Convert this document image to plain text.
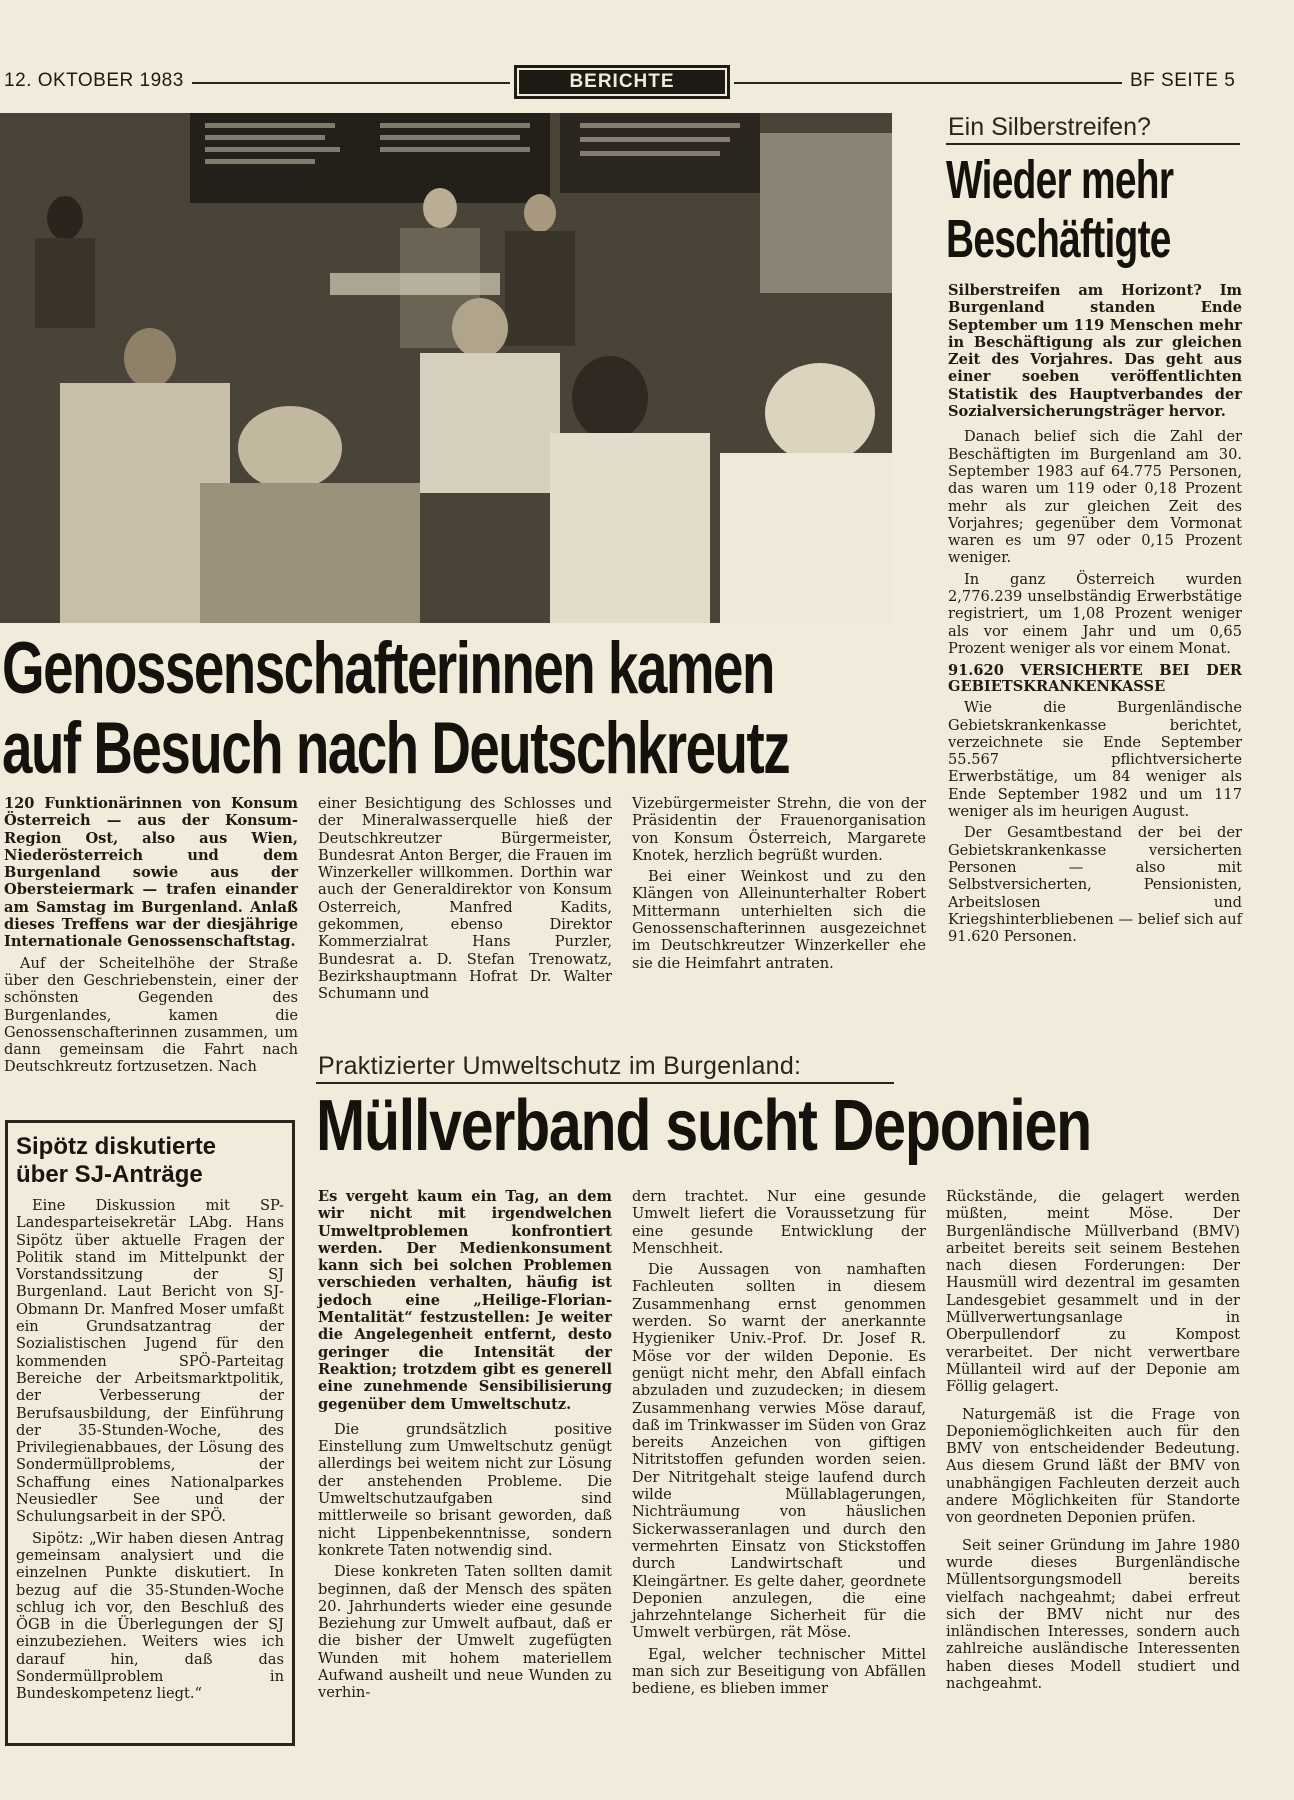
12. OKTOBER 1983	BERICHTE	BF SEITE 5
Genossenschafterinnen kamen
auf Besuch nach Deutschkreutz

120 Funktionärinnen von Konsum Österreich — aus der Konsum-Region Ost, also aus Wien, Niederösterreich und dem Burgenland sowie aus der Obersteiermark — trafen einander am Samstag im Burgenland. Anlaß dieses Treffens war der diesjährige Internationale Genossenschaftstag.

Auf der Scheitelhöhe der Straße über den Geschriebenstein, einer der schönsten Gegenden des Burgenlandes, kamen die Genossenschafterinnen zusammen, um dann gemeinsam die Fahrt nach Deutschkreutz fortzusetzen. Nach

einer Besichtigung des Schlosses und der Mineralwasserquelle hieß der Deutschkreutzer Bürgermeister, Bundesrat Anton Berger, die Frauen im Winzerkeller willkommen. Dorthin war auch der Generaldirektor von Konsum Osterreich, Manfred Kadits, gekommen, ebenso Direktor Kommerzialrat Hans Purzler, Bundesrat a. D. Stefan Trenowatz, Bezirkshauptmann Hofrat Dr. Walter Schumann und

Vizebürgermeister Strehn, die von der Präsidentin der Frauenorganisation von Konsum Österreich, Margarete Knotek, herzlich begrüßt wurden.

Bei einer Weinkost und zu den Klängen von Alleinunterhalter Robert Mittermann unterhielten sich die Genossenschafterinnen ausgezeichnet im Deutschkreutzer Winzerkeller ehe sie die Heimfahrt antraten.

Ein Silberstreifen?
Wieder mehr
Beschäftigte

Silberstreifen am Horizont? Im Burgenland standen Ende September um 119 Menschen mehr in Beschäftigung als zur gleichen Zeit des Vorjahres. Das geht aus einer soeben veröffentlichten Statistik des Hauptverbandes der Sozialversicherungsträger hervor.

Danach belief sich die Zahl der Beschäftigten im Burgenland am 30. September 1983 auf 64.775 Personen, das waren um 119 oder 0,18 Prozent mehr als zur gleichen Zeit des Vorjahres; gegenüber dem Vormonat waren es um 97 oder 0,15 Prozent weniger.

In ganz Österreich wurden 2,776.239 unselbständig Erwerbstätige registriert, um 1,08 Prozent weniger als vor einem Jahr und um 0,65 Prozent weniger als vor einem Monat.

91.620 VERSICHERTE BEI DER GEBIETSKRANKENKASSE

Wie die Burgenländische Gebietskrankenkasse berichtet, verzeichnete sie Ende September 55.567 pflichtversicherte Erwerbstätige, um 84 weniger als Ende September 1982 und um 117 weniger als im heurigen August.

Der Gesamtbestand der bei der Gebietskrankenkasse versicherten Personen — also mit Selbstversicherten, Pensionisten, Arbeitslosen und Kriegshinterbliebenen — belief sich auf 91.620 Personen.

Praktizierter Umweltschutz im Burgenland:
Müllverband sucht Deponien

Es vergeht kaum ein Tag, an dem wir nicht mit irgendwelchen Umweltproblemen konfrontiert werden. Der Medienkonsument kann sich bei solchen Problemen verschieden verhalten, häufig ist jedoch eine „Heilige-Florian-Mentalität“ festzustellen: Je weiter die Angelegenheit entfernt, desto geringer die Intensität der Reaktion; trotzdem gibt es generell eine zunehmende Sensibilisierung gegenüber dem Umweltschutz.

Die grundsätzlich positive Einstellung zum Umweltschutz genügt allerdings bei weitem nicht zur Lösung der anstehenden Probleme. Die Umweltschutzaufgaben sind mittlerweile so brisant geworden, daß nicht Lippenbekenntnisse, sondern konkrete Taten notwendig sind.

Diese konkreten Taten sollten damit beginnen, daß der Mensch des späten 20. Jahrhunderts wieder eine gesunde Beziehung zur Umwelt aufbaut, daß er die bisher der Umwelt zugefügten Wunden mit hohem materiellem Aufwand ausheilt und neue Wunden zu verhin-

dern trachtet. Nur eine gesunde Umwelt liefert die Voraussetzung für eine gesunde Entwicklung der Menschheit.

Die Aussagen von namhaften Fachleuten sollten in diesem Zusammenhang ernst genommen werden. So warnt der anerkannte Hygieniker Univ.-Prof. Dr. Josef R. Möse vor der wilden Deponie. Es genügt nicht mehr, den Abfall einfach abzuladen und zuzudecken; in diesem Zusammenhang verwies Möse darauf, daß im Trinkwasser im Süden von Graz bereits Anzeichen von giftigen Nitritstoffen gefunden worden seien. Der Nitritgehalt steige laufend durch wilde Müllablagerungen, Nichträumung von häuslichen Sickerwasseranlagen und durch den vermehrten Einsatz von Stickstoffen durch Landwirtschaft und Kleingärtner. Es gelte daher, geordnete Deponien anzulegen, die eine jahrzehntelange Sicherheit für die Umwelt verbürgen, rät Möse.

Egal, welcher technischer Mittel man sich zur Beseitigung von Abfällen bediene, es blieben immer

Rückstände, die gelagert werden müßten, meint Möse. Der Burgenländische Müllverband (BMV) arbeitet bereits seit seinem Bestehen nach diesen Forderungen: Der Hausmüll wird dezentral im gesamten Landesgebiet gesammelt und in der Müllverwertungsanlage in Oberpullendorf zu Kompost verarbeitet. Der nicht verwertbare Müllanteil wird auf der Deponie am Föllig gelagert.

Naturgemäß ist die Frage von Deponiemöglichkeiten auch für den BMV von entscheidender Bedeutung. Aus diesem Grund läßt der BMV von unabhängigen Fachleuten derzeit auch andere Möglichkeiten für Standorte von geordneten Deponien prüfen.

Seit seiner Gründung im Jahre 1980 wurde dieses Burgenländische Müllentsorgungsmodell bereits vielfach nachgeahmt; dabei erfreut sich der BMV nicht nur des inländischen Interesses, sondern auch zahlreiche ausländische Interessenten haben dieses Modell studiert und nachgeahmt.

Sipötz diskutierte
über SJ-Anträge

Eine Diskussion mit SP-Landesparteisekretär LAbg. Hans Sipötz über aktuelle Fragen der Politik stand im Mittelpunkt der Vorstandssitzung der SJ Burgenland. Laut Bericht von SJ-Obmann Dr. Manfred Moser umfaßt ein Grundsatzantrag der Sozialistischen Jugend für den kommenden SPÖ-Parteitag Bereiche der Arbeitsmarktpolitik, der Verbesserung der Berufsausbildung, der Einführung der 35-Stunden-Woche, des Privilegienabbaues, der Lösung des Sondermüllproblems, der Schaffung eines Nationalparkes Neusiedler See und der Schulungsarbeit in der SPÖ.

Sipötz: „Wir haben diesen Antrag gemeinsam analysiert und die einzelnen Punkte diskutiert. In bezug auf die 35-Stunden-Woche schlug ich vor, den Beschluß des ÖGB in die Überlegungen der SJ einzubeziehen. Weiters wies ich darauf hin, daß das Sondermüllproblem in Bundeskompetenz liegt.“
